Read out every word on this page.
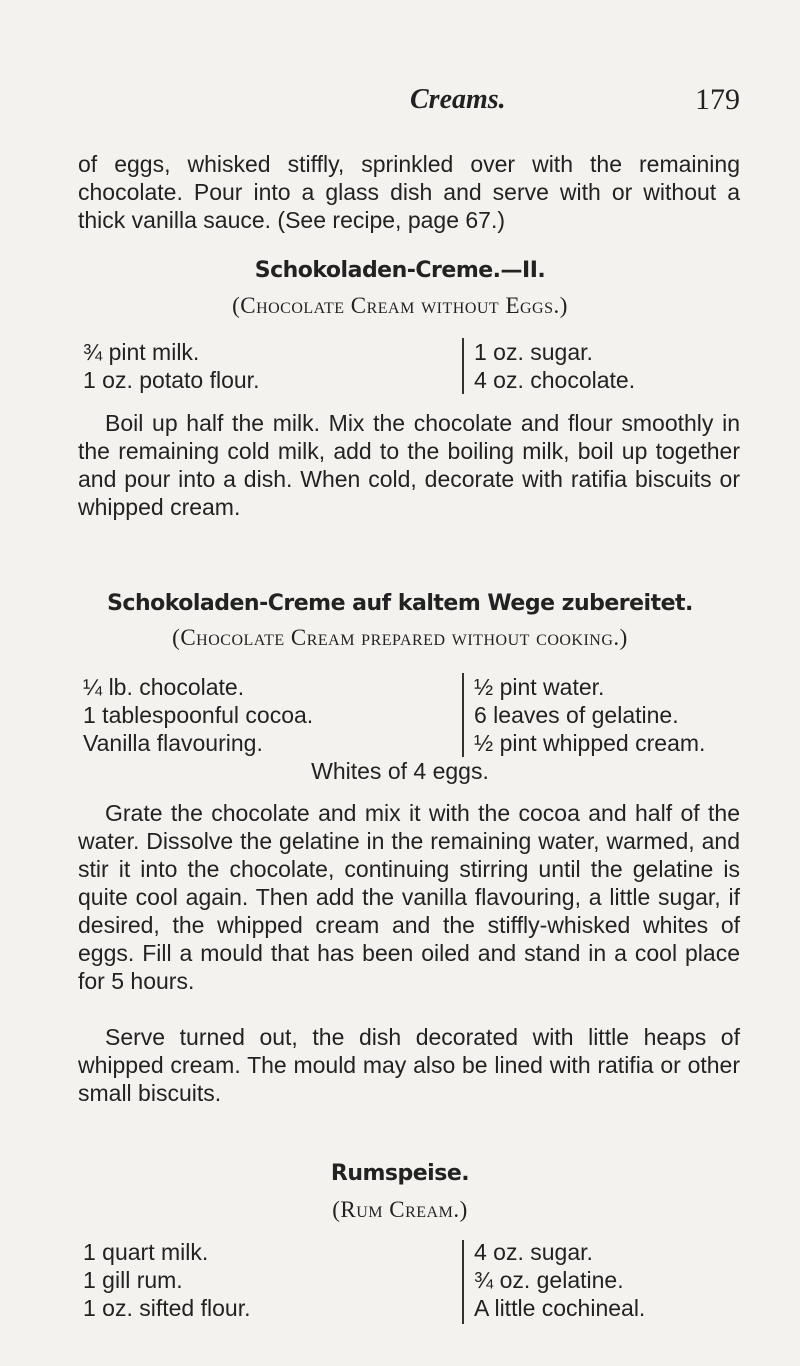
Creams.	179

of eggs, whisked stiffly, sprinkled over with the remaining chocolate. Pour into a glass dish and serve with or without a thick vanilla sauce. (See recipe, page 67.)

Schokoladen-Creme.—II.
(Chocolate Cream without Eggs.)
¾ pint milk.
1 oz. potato flour.
1 oz. sugar.
4 oz. chocolate.

Boil up half the milk. Mix the chocolate and flour smoothly in the remaining cold milk, add to the boiling milk, boil up together and pour into a dish. When cold, decorate with ratifia biscuits or whipped cream.

Schokoladen-Creme auf kaltem Wege zubereitet.
(Chocolate Cream prepared without cooking.)
¼ lb. chocolate.
1 tablespoonful cocoa.
Vanilla flavouring.
½ pint water.
6 leaves of gelatine.
½ pint whipped cream.
Whites of 4 eggs.

Grate the chocolate and mix it with the cocoa and half of the water. Dissolve the gelatine in the remaining water, warmed, and stir it into the chocolate, continuing stirring until the gelatine is quite cool again. Then add the vanilla flavouring, a little sugar, if desired, the whipped cream and the stiffly-whisked whites of eggs. Fill a mould that has been oiled and stand in a cool place for 5 hours.

Serve turned out, the dish decorated with little heaps of whipped cream. The mould may also be lined with ratifia or other small biscuits.

Rumspeise.
(Rum Cream.)
1 quart milk.
1 gill rum.
1 oz. sifted flour.
4 oz. sugar.
¾ oz. gelatine.
A little cochineal.
